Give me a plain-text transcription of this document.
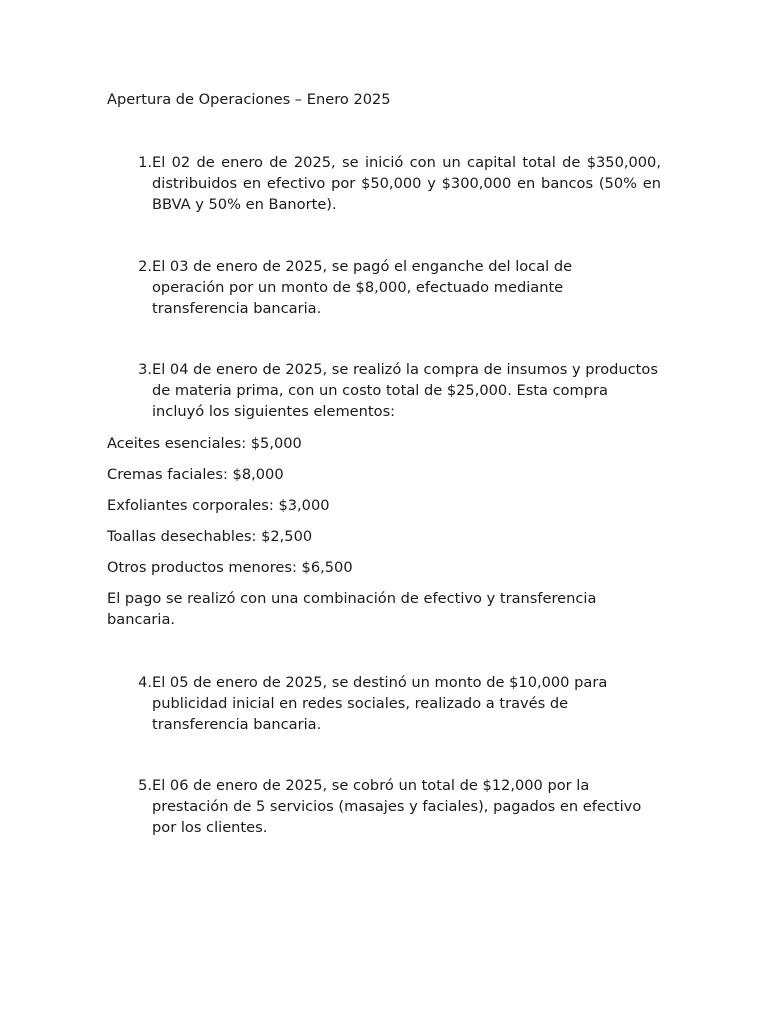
Apertura de Operaciones – Enero 2025

1. El 02 de enero de 2025, se inició con un capital total de $350,000, distribuidos en efectivo por $50,000 y $300,000 en bancos (50% en BBVA y 50% en Banorte).
2. El 03 de enero de 2025, se pagó el enganche del local de operación por un monto de $8,000, efectuado mediante transferencia bancaria.
3. El 04 de enero de 2025, se realizó la compra de insumos y productos de materia prima, con un costo total de $25,000. Esta compra incluyó los siguientes elementos:

Aceites esenciales: $5,000

Cremas faciales: $8,000

Exfoliantes corporales: $3,000

Toallas desechables: $2,500

Otros productos menores: $6,500

El pago se realizó con una combinación de efectivo y transferencia bancaria.

4. El 05 de enero de 2025, se destinó un monto de $10,000 para publicidad inicial en redes sociales, realizado a través de transferencia bancaria.
5. El 06 de enero de 2025, se cobró un total de $12,000 por la prestación de 5 servicios (masajes y faciales), pagados en efectivo por los clientes.
